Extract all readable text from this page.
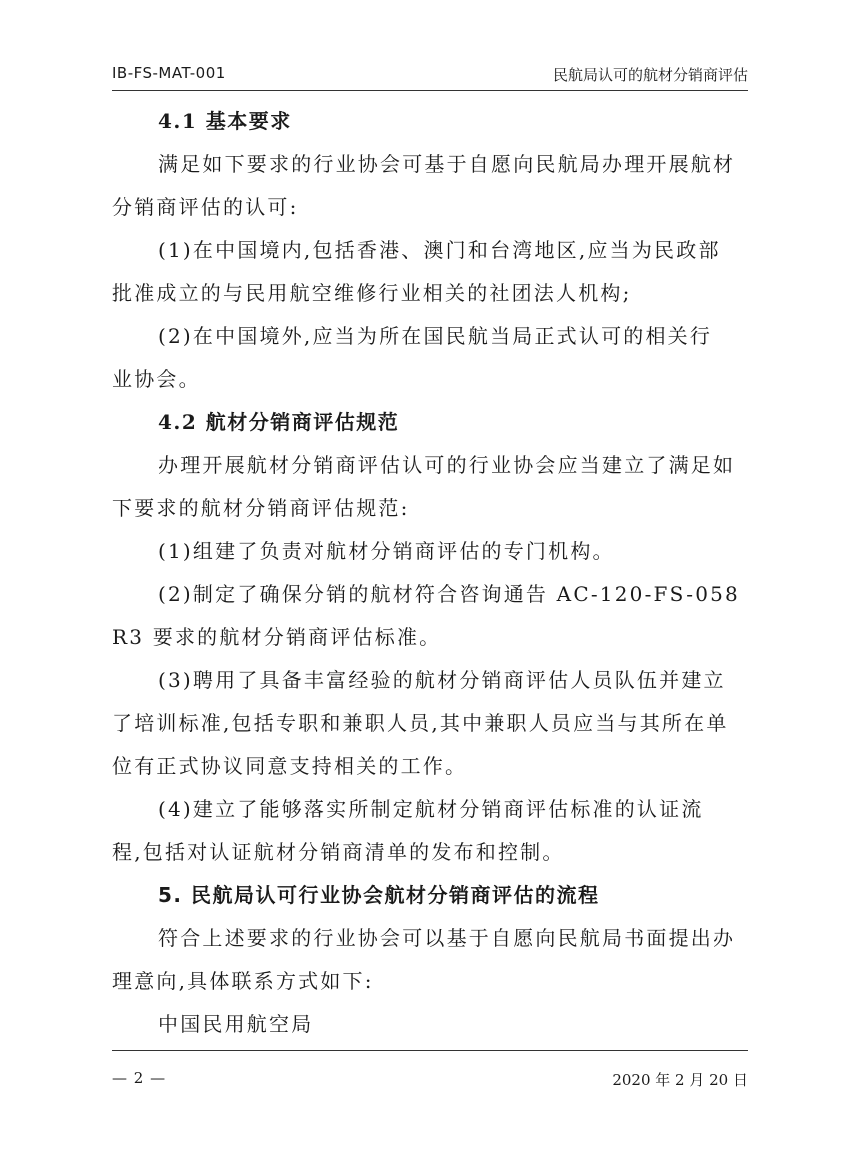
IB-FS-MAT-001	民航局认可的航材分销商评估

4.1 基本要求

满足如下要求的行业协会可基于自愿向民航局办理开展航材

分销商评估的认可:

(1)在中国境内,包括香港、澳门和台湾地区,应当为民政部

批准成立的与民用航空维修行业相关的社团法人机构;

(2)在中国境外,应当为所在国民航当局正式认可的相关行

业协会。

4.2 航材分销商评估规范

办理开展航材分销商评估认可的行业协会应当建立了满足如

下要求的航材分销商评估规范:

(1)组建了负责对航材分销商评估的专门机构。

(2)制定了确保分销的航材符合咨询通告 AC-120-FS-058

R3 要求的航材分销商评估标准。

(3)聘用了具备丰富经验的航材分销商评估人员队伍并建立

了培训标准,包括专职和兼职人员,其中兼职人员应当与其所在单

位有正式协议同意支持相关的工作。

(4)建立了能够落实所制定航材分销商评估标准的认证流

程,包括对认证航材分销商清单的发布和控制。

5. 民航局认可行业协会航材分销商评估的流程

符合上述要求的行业协会可以基于自愿向民航局书面提出办

理意向,具体联系方式如下:

中国民用航空局

— 2 —	2020 年 2 月 20 日
